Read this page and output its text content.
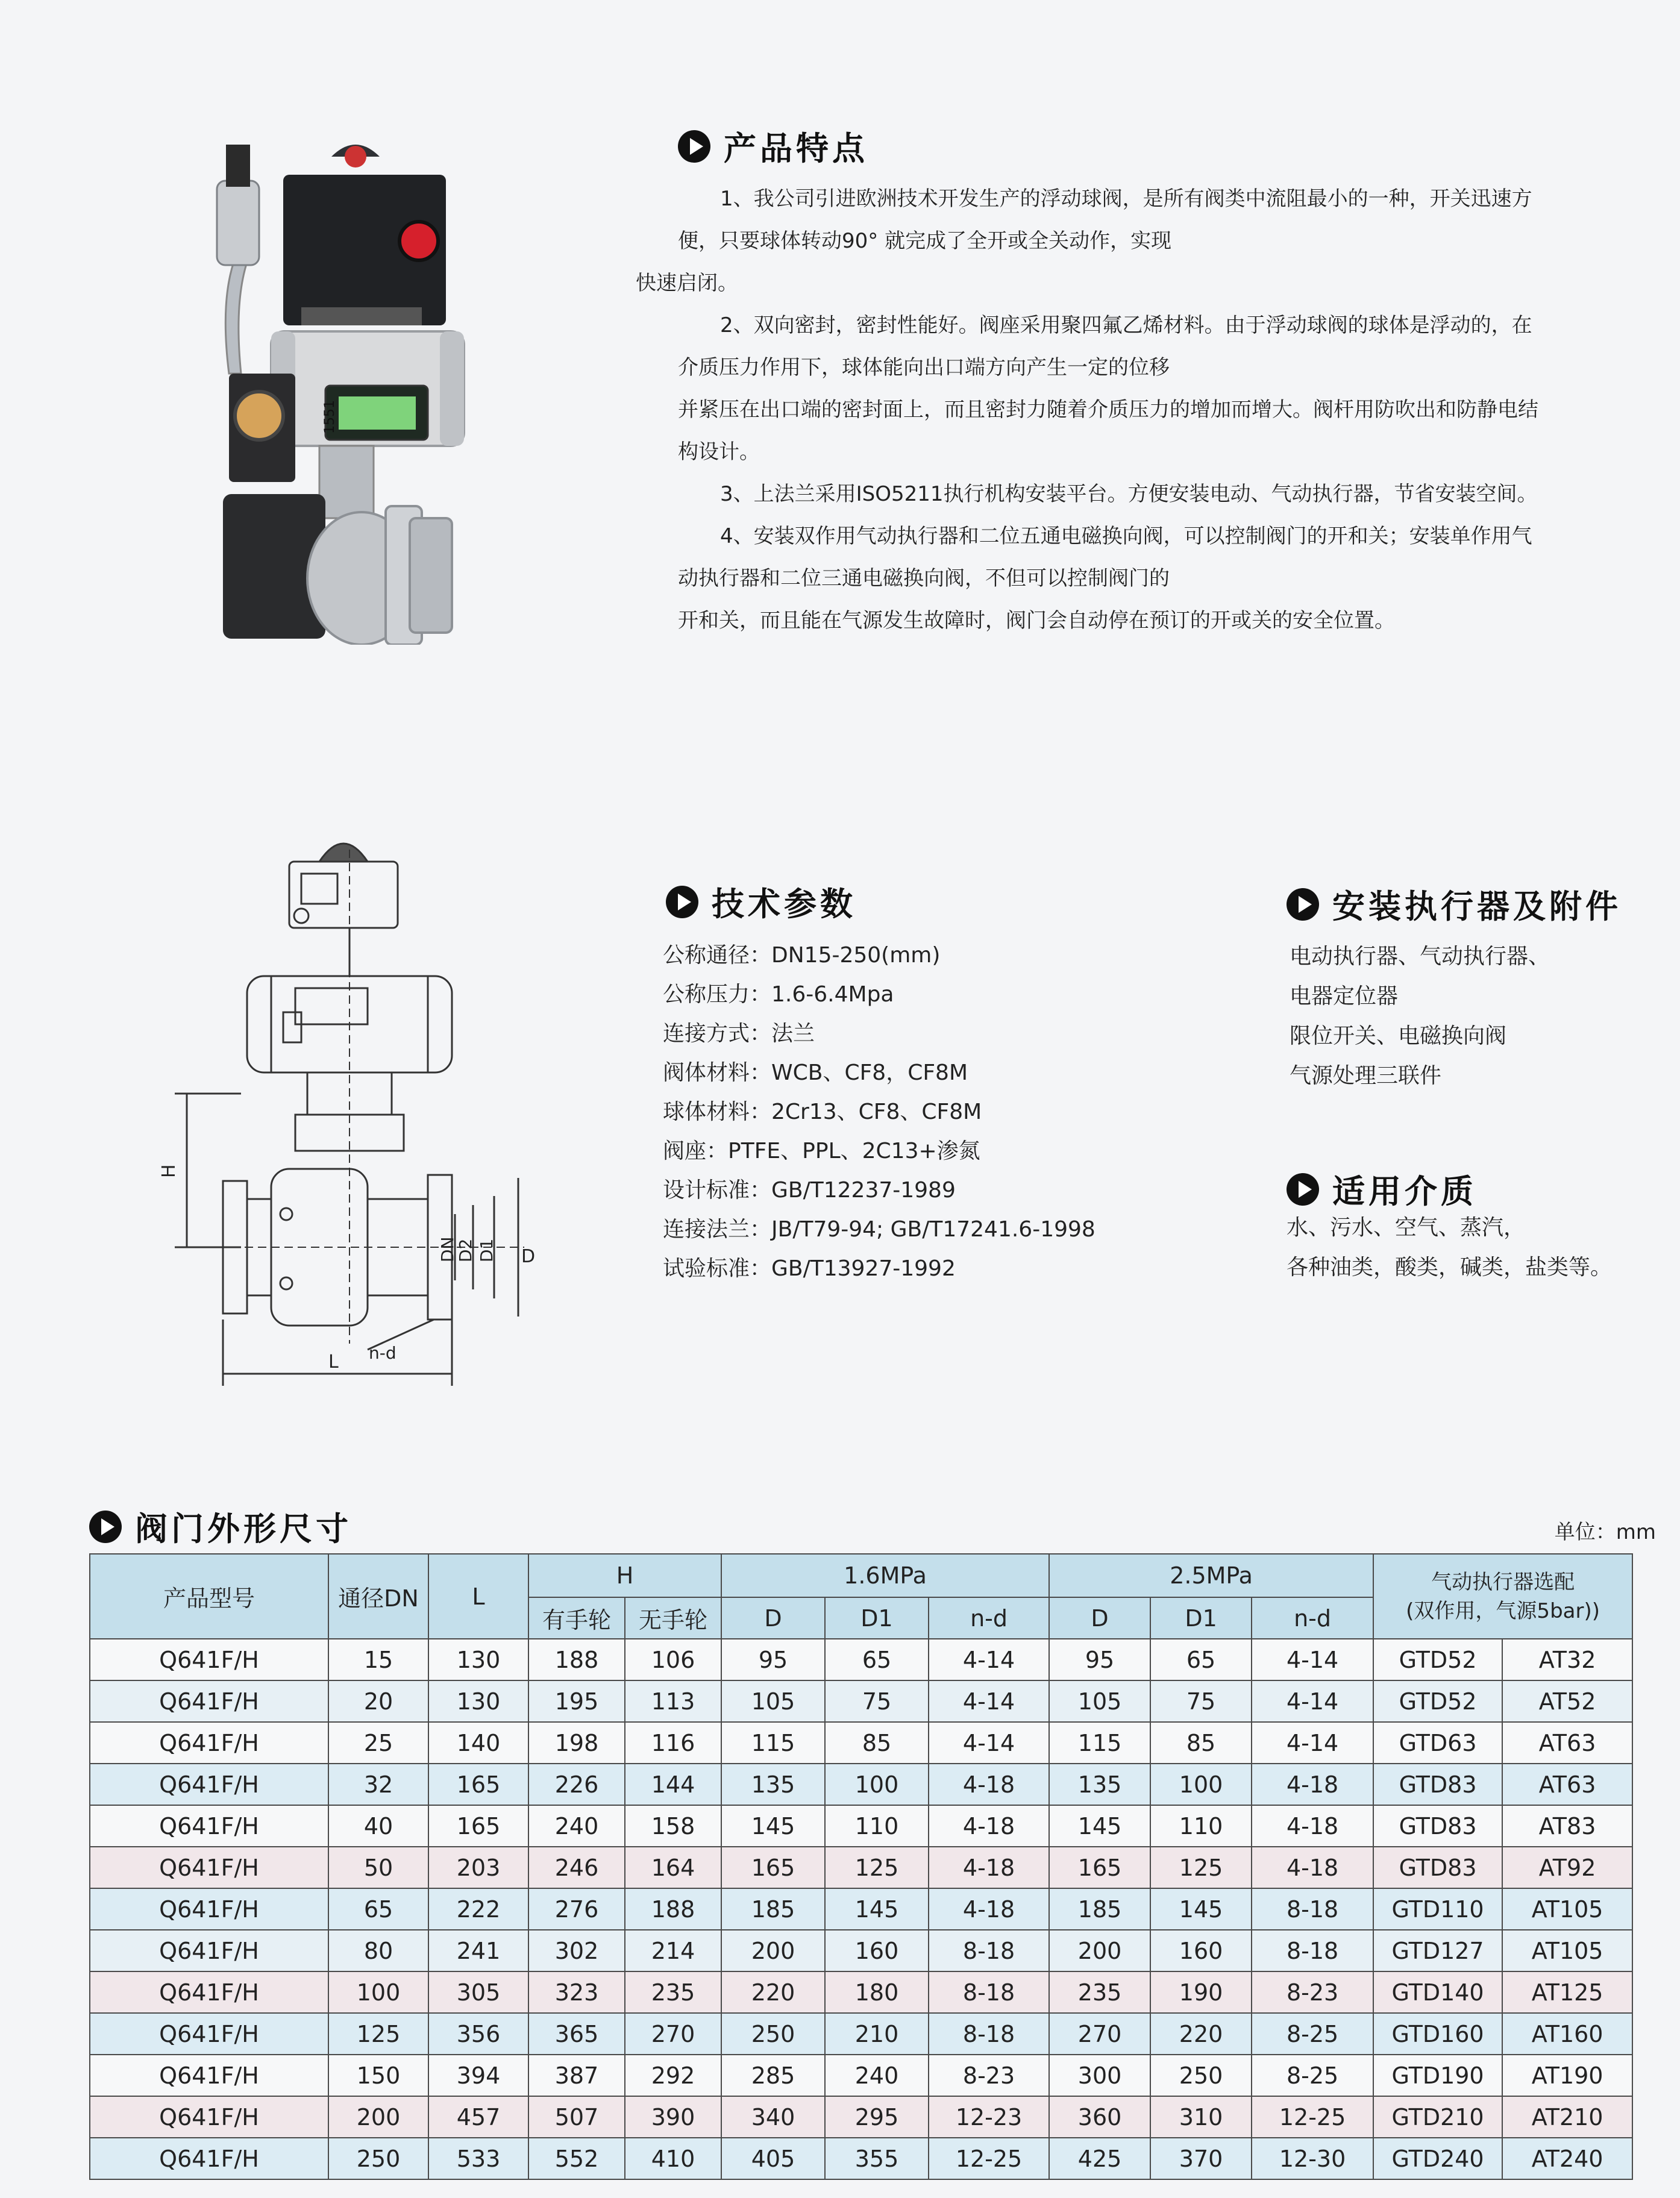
1551
产品特点

1、我公司引进欧洲技术开发生产的浮动球阀，是所有阀类中流阻最小的一种，开关迅速方
便，只要球体转动90° 就完成了全开或全关动作，实现
快速启闭。

2、双向密封，密封性能好。阀座采用聚四氟乙烯材料。由于浮动球阀的球体是浮动的，在
介质压力作用下，球体能向出口端方向产生一定的位移
并紧压在出口端的密封面上，而且密封力随着介质压力的增加而增大。阀杆用防吹出和防静电结
构设计。

3、上法兰采用ISO5211执行机构安装平台。方便安装电动、气动执行器，节省安装空间。

4、安装双作用气动执行器和二位五通电磁换向阀，可以控制阀门的开和关；安装单作用气
动执行器和二位三通电磁换向阀，不但可以控制阀门的
开和关，而且能在气源发生故障时，阀门会自动停在预订的开或关的安全位置。

H
DN
D2 D1 D
n-d
L
技术参数
公称通径：DN15-250(mm)
公称压力：1.6-6.4Mpa
连接方式：法兰
阀体材料：WCB、CF8，CF8M
球体材料：2Cr13、CF8、CF8M
阀座：PTFE、PPL、2C13+渗氮
设计标准：GB/T12237-1989
连接法兰：JB/T79-94; GB/T17241.6-1998
试验标准：GB/T13927-1992
安装执行器及附件
电动执行器、气动执行器、
电器定位器
限位开关、电磁换向阀
气源处理三联件
适用介质
水、污水、空气、蒸汽，
各种油类，酸类，碱类，盐类等。
阀门外形尺寸	单位：mm
产品型号	通径DN	L	H		1.6MPa			2.5MPa			气动执行器选配
(双作用，气源5bar))	
			有手轮	无手轮	D	D1	n-d	D	D1	n-d		
Q641F/H	15	130	188	106	95	65	4-14	95	65	4-14	GTD52	AT32
Q641F/H	20	130	195	113	105	75	4-14	105	75	4-14	GTD52	AT52
Q641F/H	25	140	198	116	115	85	4-14	115	85	4-14	GTD63	AT63
Q641F/H	32	165	226	144	135	100	4-18	135	100	4-18	GTD83	AT63
Q641F/H	40	165	240	158	145	110	4-18	145	110	4-18	GTD83	AT83
Q641F/H	50	203	246	164	165	125	4-18	165	125	4-18	GTD83	AT92
Q641F/H	65	222	276	188	185	145	4-18	185	145	8-18	GTD110	AT105
Q641F/H	80	241	302	214	200	160	8-18	200	160	8-18	GTD127	AT105
Q641F/H	100	305	323	235	220	180	8-18	235	190	8-23	GTD140	AT125
Q641F/H	125	356	365	270	250	210	8-18	270	220	8-25	GTD160	AT160
Q641F/H	150	394	387	292	285	240	8-23	300	250	8-25	GTD190	AT190
Q641F/H	200	457	507	390	340	295	12-23	360	310	12-25	GTD210	AT210
Q641F/H	250	533	552	410	405	355	12-25	425	370	12-30	GTD240	AT240
